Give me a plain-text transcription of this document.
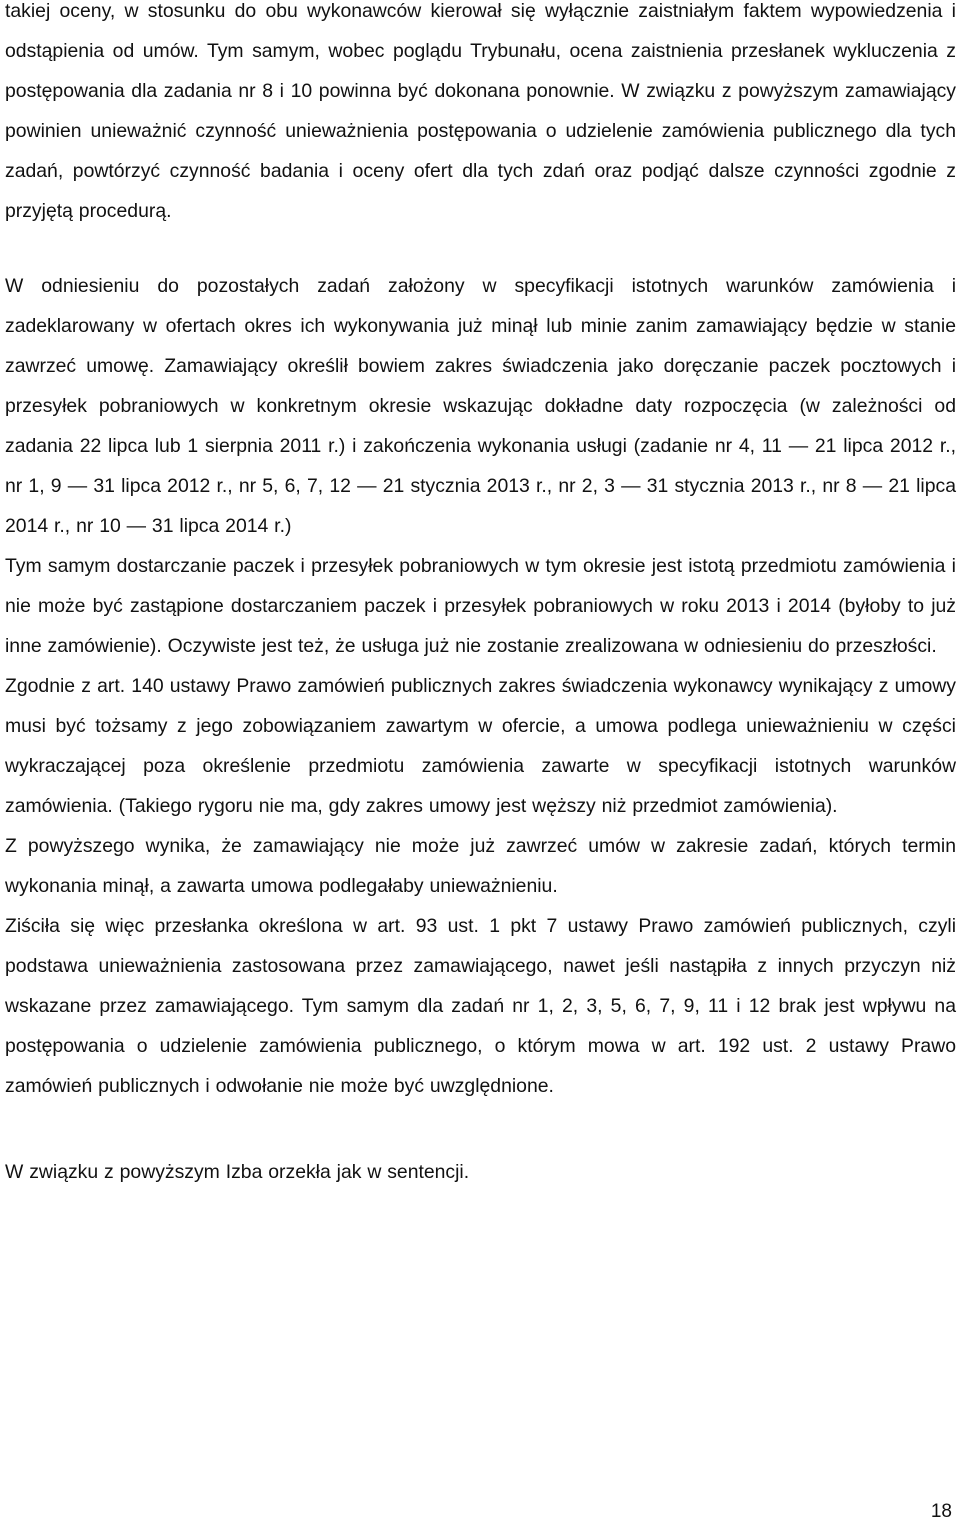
takiej oceny, w stosunku do obu wykonawców kierował się wyłącznie zaistniałym faktem wypowiedzenia i odstąpienia od umów. Tym samym, wobec poglądu Trybunału, ocena zaistnienia przesłanek wykluczenia z postępowania dla zadania nr 8 i 10 powinna być dokonana ponownie. W związku z powyższym zamawiający powinien unieważnić czynność unieważnienia postępowania o udzielenie zamówienia publicznego dla tych zadań, powtórzyć czynność badania i oceny ofert dla tych zdań oraz podjąć dalsze czynności zgodnie z przyjętą procedurą.

W odniesieniu do pozostałych zadań założony w specyfikacji istotnych warunków zamówienia i zadeklarowany w ofertach okres ich wykonywania już minął lub minie zanim zamawiający będzie w stanie zawrzeć umowę. Zamawiający określił bowiem zakres świadczenia jako doręczanie paczek pocztowych i przesyłek pobraniowych w konkretnym okresie wskazując dokładne daty rozpoczęcia (w zależności od zadania 22 lipca lub 1 sierpnia 2011 r.) i zakończenia wykonania usługi (zadanie nr 4, 11 — 21 lipca 2012 r., nr 1, 9 — 31 lipca 2012 r., nr 5, 6, 7, 12 — 21 stycznia 2013 r., nr 2, 3 — 31 stycznia 2013 r., nr 8 — 21 lipca 2014 r., nr 10 — 31 lipca 2014 r.)

Tym samym dostarczanie paczek i przesyłek pobraniowych w tym okresie jest istotą przedmiotu zamówienia i nie może być zastąpione dostarczaniem paczek i przesyłek pobraniowych w roku 2013 i 2014 (byłoby to już inne zamówienie). Oczywiste jest też, że usługa już nie zostanie zrealizowana w odniesieniu do przeszłości.

Zgodnie z art. 140 ustawy Prawo zamówień publicznych zakres świadczenia wykonawcy wynikający z umowy musi być tożsamy z jego zobowiązaniem zawartym w ofercie, a umowa podlega unieważnieniu w części wykraczającej poza określenie przedmiotu zamówienia zawarte w specyfikacji istotnych warunków zamówienia. (Takiego rygoru nie ma, gdy zakres umowy jest węższy niż przedmiot zamówienia).

Z powyższego wynika, że zamawiający nie może już zawrzeć umów w zakresie zadań, których termin wykonania minął, a zawarta umowa podlegałaby unieważnieniu.

Ziściła się więc przesłanka określona w art. 93 ust. 1 pkt 7 ustawy Prawo zamówień publicznych, czyli podstawa unieważnienia zastosowana przez zamawiającego, nawet jeśli nastąpiła z innych przyczyn niż wskazane przez zamawiającego. Tym samym dla zadań nr 1, 2, 3, 5, 6, 7, 9, 11 i 12 brak jest wpływu na postępowania o udzielenie zamówienia publicznego, o którym mowa w art. 192 ust. 2 ustawy Prawo zamówień publicznych i odwołanie nie może być uwzględnione.

W związku z powyższym Izba orzekła jak w sentencji.

18
